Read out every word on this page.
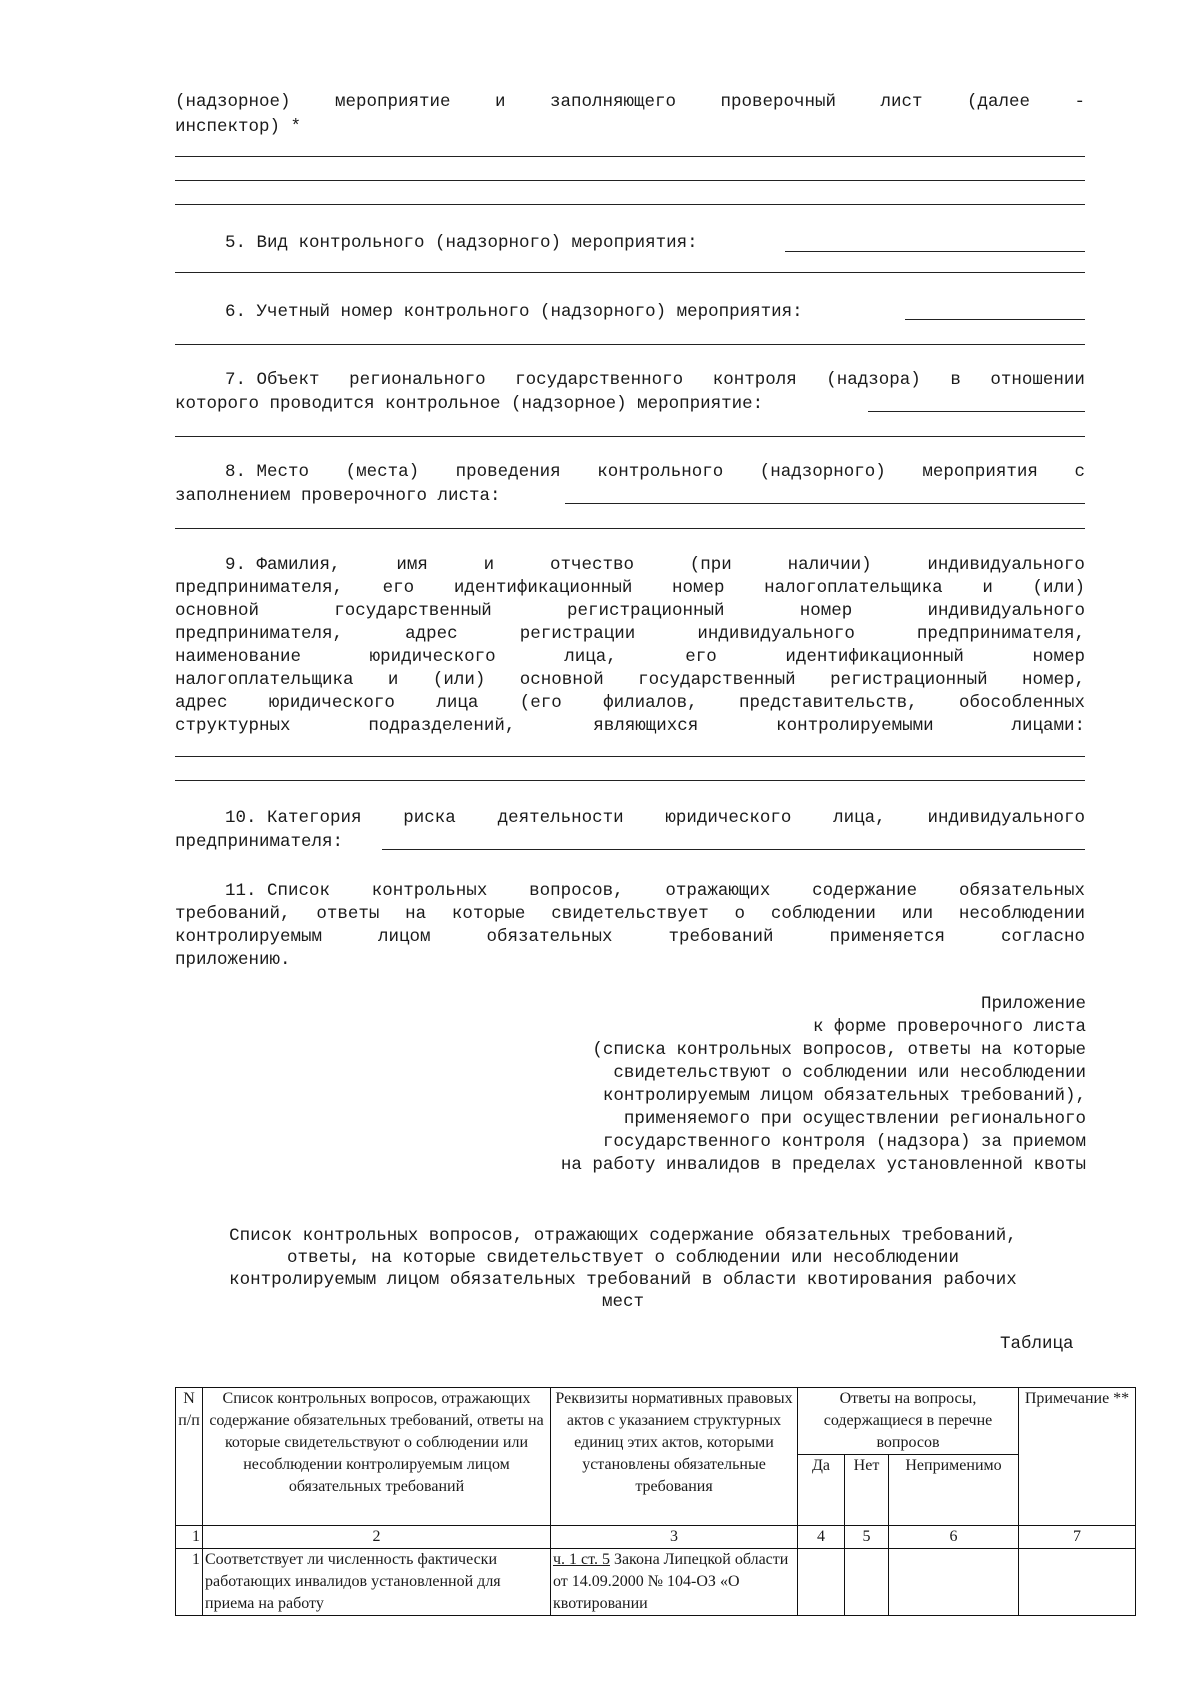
(надзорное)	мероприятие	и	заполняющего	проверочный	лист	(далее	-
инспектор) *
5. Вид контрольного (надзорного) мероприятия:
6. Учетный номер контрольного (надзорного) мероприятия:
7. Объект регионального государственного контроля (надзора) в отношении
которого проводится контрольное (надзорное) мероприятие:
8. Место (места) проведения контрольного (надзорного) мероприятия с
заполнением проверочного листа:
9. Фамилия,	имя	и	отчество	(при	наличии)	индивидуального
предпринимателя, его идентификационный номер налогоплательщика и (или)
основной	государственный	регистрационный	номер	индивидуального
предпринимателя,	адрес	регистрации	индивидуального	предпринимателя,
наименование	юридического	лица,	его	идентификационный	номер
налогоплательщика и (или) основной государственный регистрационный номер,
адрес юридического лица (его филиалов, представительств, обособленных
структурных	подразделений,	являющихся	контролируемыми	лицами:
10. Категория риска деятельности юридического лица, индивидуального
предпринимателя:
11. Список контрольных вопросов, отражающих содержание обязательных
требований, ответы на которые свидетельствует о соблюдении или несоблюдении
контролируемым	лицом	обязательных	требований	применяется	согласно
приложению.
Приложение
к форме проверочного листа
(списка контрольных вопросов, ответы на которые
свидетельствуют о соблюдении или несоблюдении
контролируемым лицом обязательных требований),
применяемого при осуществлении регионального
государственного контроля (надзора) за приемом
на работу инвалидов в пределах установленной квоты
Список контрольных вопросов, отражающих содержание обязательных требований,
ответы, на которые свидетельствует о соблюдении или несоблюдении
контролируемым лицом обязательных требований в области квотирования рабочих
мест
Таблица
N п/п	Список контрольных вопросов, отражающих содержание обязательных требований, ответы на которые свидетельствуют о соблюдении или несоблюдении контролируемым лицом обязательных требований	Реквизиты нормативных правовых актов с указанием структурных единиц этих актов, которыми установлены обязательные требования	Ответы на вопросы, содержащиеся в перечне вопросов			Примечание **
			Да	Нет	Неприменимо	
1	2	3	4	5	6	7
1	Соответствует ли численность фактически работающих инвалидов установленной для приема на работу	ч. 1 ст. 5 Закона Липецкой области от 14.09.2000 № 104-ОЗ «О квотировании				
